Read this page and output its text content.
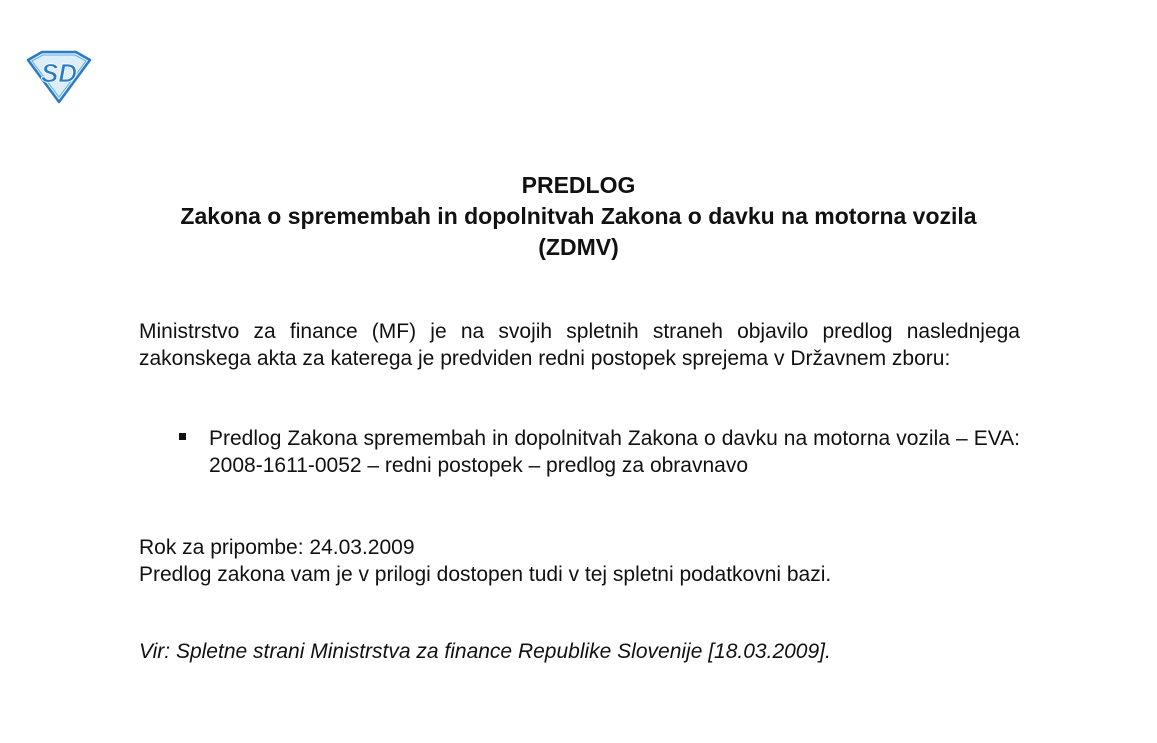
SD
PREDLOG
Zakona o spremembah in dopolnitvah Zakona o davku na motorna vozila (ZDMV)
Ministrstvo za finance (MF) je na svojih spletnih straneh objavilo predlog naslednjega zakonskega akta za katerega je predviden redni postopek sprejema v Državnem zboru:
Predlog Zakona spremembah in dopolnitvah Zakona o davku na motorna vozila – EVA: 2008-1611-0052 – redni postopek – predlog za obravnavo
Rok za pripombe: 24.03.2009
Predlog zakona vam je v prilogi dostopen tudi v tej spletni podatkovni bazi.
Vir: Spletne strani Ministrstva za finance Republike Slovenije [18.03.2009].
